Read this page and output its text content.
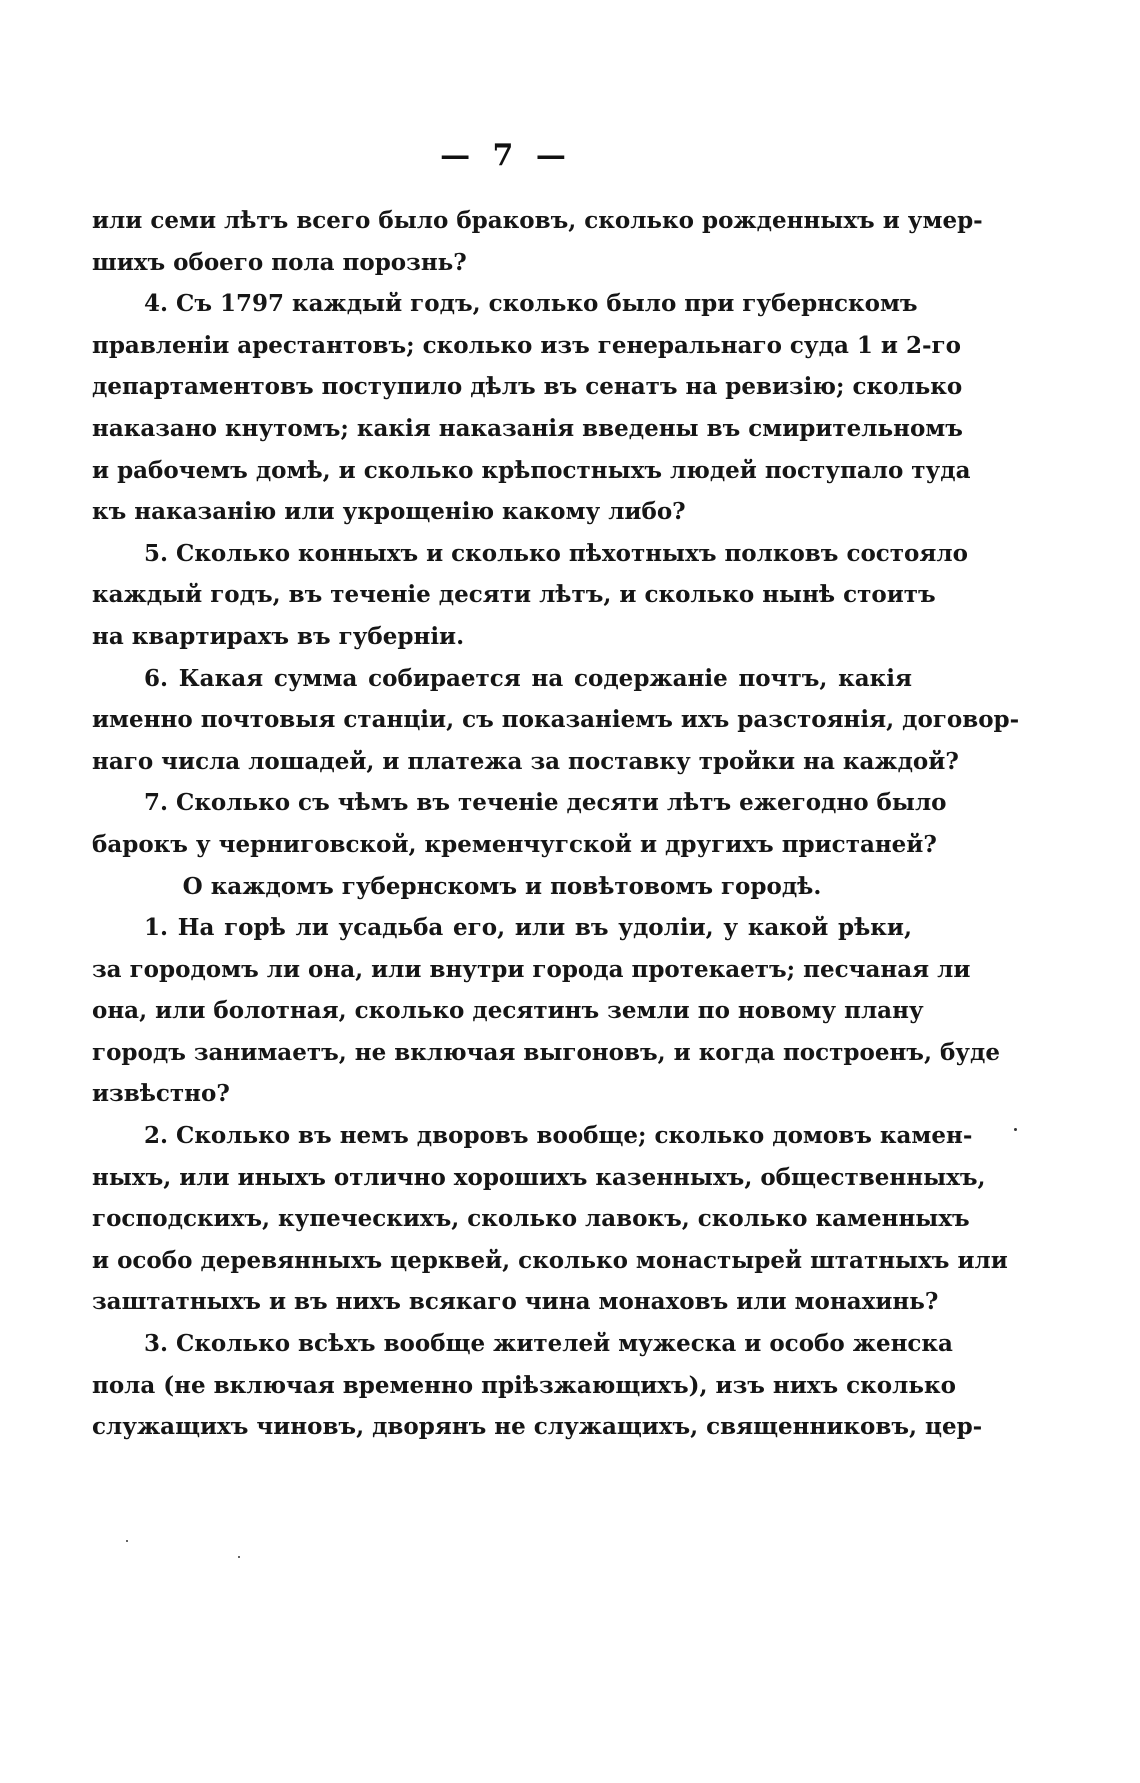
— 7 —
или семи лѣтъ всего было браковъ, сколько рожденныхъ и умер-
шихъ обоего пола порознь?
4. Съ 1797 каждый годъ, сколько было при губернскомъ
правленіи арестантовъ; сколько изъ генеральнаго суда 1 и 2-го
департаментовъ поступило дѣлъ въ сенатъ на ревизію; сколько
наказано кнутомъ; какія наказанія введены въ смирительномъ
и рабочемъ домѣ, и сколько крѣпостныхъ людей поступало туда
къ наказанію или укрощенію какому либо?
5. Сколько конныхъ и сколько пѣхотныхъ полковъ состояло
каждый годъ, въ теченіе десяти лѣтъ, и сколько нынѣ стоитъ
на квартирахъ въ губерніи.
6. Какая сумма собирается на содержаніе почтъ, какія
именно почтовыя станціи, съ показаніемъ ихъ разстоянія, договор-
наго числа лошадей, и платежа за поставку тройки на каждой?
7. Сколько съ чѣмъ въ теченіе десяти лѣтъ ежегодно было
барокъ у черниговской, кременчугской и другихъ пристаней?
О каждомъ губернскомъ и повѣтовомъ городѣ.
1. На горѣ ли усадьба его, или въ удоліи, у какой рѣки,
за городомъ ли она, или внутри города протекаетъ; песчаная ли
она, или болотная, сколько десятинъ земли по новому плану
городъ занимаетъ, не включая выгоновъ, и когда построенъ, буде
извѣстно?
2. Сколько въ немъ дворовъ вообще; сколько домовъ камен-
ныхъ, или иныхъ отлично хорошихъ казенныхъ, общественныхъ,
господскихъ, купеческихъ, сколько лавокъ, сколько каменныхъ
и особо деревянныхъ церквей, сколько монастырей штатныхъ или
заштатныхъ и въ нихъ всякаго чина монаховъ или монахинь?
3. Сколько всѣхъ вообще жителей мужеска и особо женска
пола (не включая временно пріѣзжающихъ), изъ нихъ сколько
служащихъ чиновъ, дворянъ не служащихъ, священниковъ, цер-
